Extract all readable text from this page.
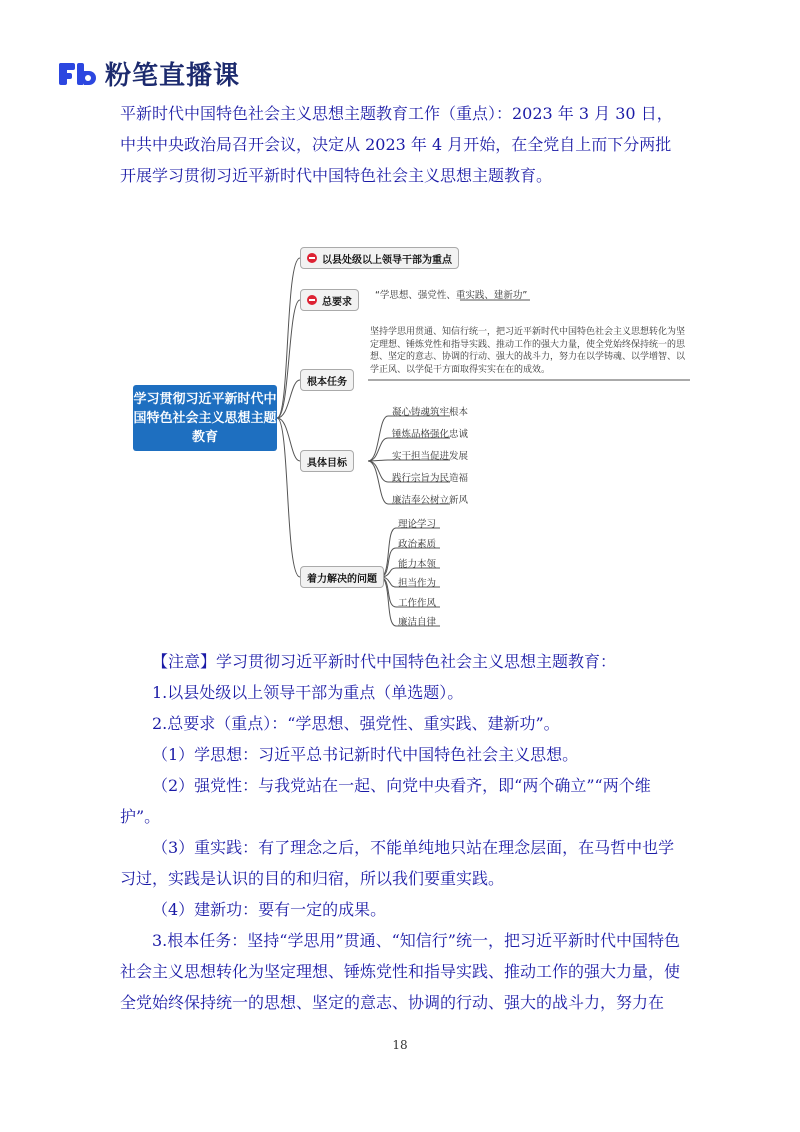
粉笔直播课
平新时代中国特色社会主义思想主题教育工作（重点）：2023 年 3 月 30 日，中共中央政治局召开会议，决定从 2023 年 4 月开始，在全党自上而下分两批开展学习贯彻习近平新时代中国特色社会主义思想主题教育。
学习贯彻习近平新时代中国特色社会主义思想主题教育
以县处级以上领导干部为重点
总要求
“学思想、强党性、重实践、建新功”
根本任务
坚持学思用贯通、知信行统一，把习近平新时代中国特色社会主义思想转化为坚定理想、锤炼党性和指导实践、推动工作的强大力量，使全党始终保持统一的思想、坚定的意志、协调的行动、强大的战斗力，努力在以学铸魂、以学增智、以学正风、以学促干方面取得实实在在的成效。
具体目标
凝心铸魂筑牢根本
锤炼品格强化忠诚
实干担当促进发展
践行宗旨为民造福
廉洁奉公树立新风
着力解决的问题
理论学习
政治素质
能力本领
担当作为
工作作风
廉洁自律
【注意】学习贯彻习近平新时代中国特色社会主义思想主题教育：
1.以县处级以上领导干部为重点（单选题）。
2.总要求（重点）：“学思想、强党性、重实践、建新功”。
（1）学思想：习近平总书记新时代中国特色社会主义思想。
（2）强党性：与我党站在一起、向党中央看齐，即“两个确立”“两个维护”。
（3）重实践：有了理念之后，不能单纯地只站在理念层面，在马哲中也学习过，实践是认识的目的和归宿，所以我们要重实践。
（4）建新功：要有一定的成果。
3.根本任务：坚持“学思用”贯通、“知信行”统一，把习近平新时代中国特色社会主义思想转化为坚定理想、锤炼党性和指导实践、推动工作的强大力量，使全党始终保持统一的思想、坚定的意志、协调的行动、强大的战斗力，努力在
18
